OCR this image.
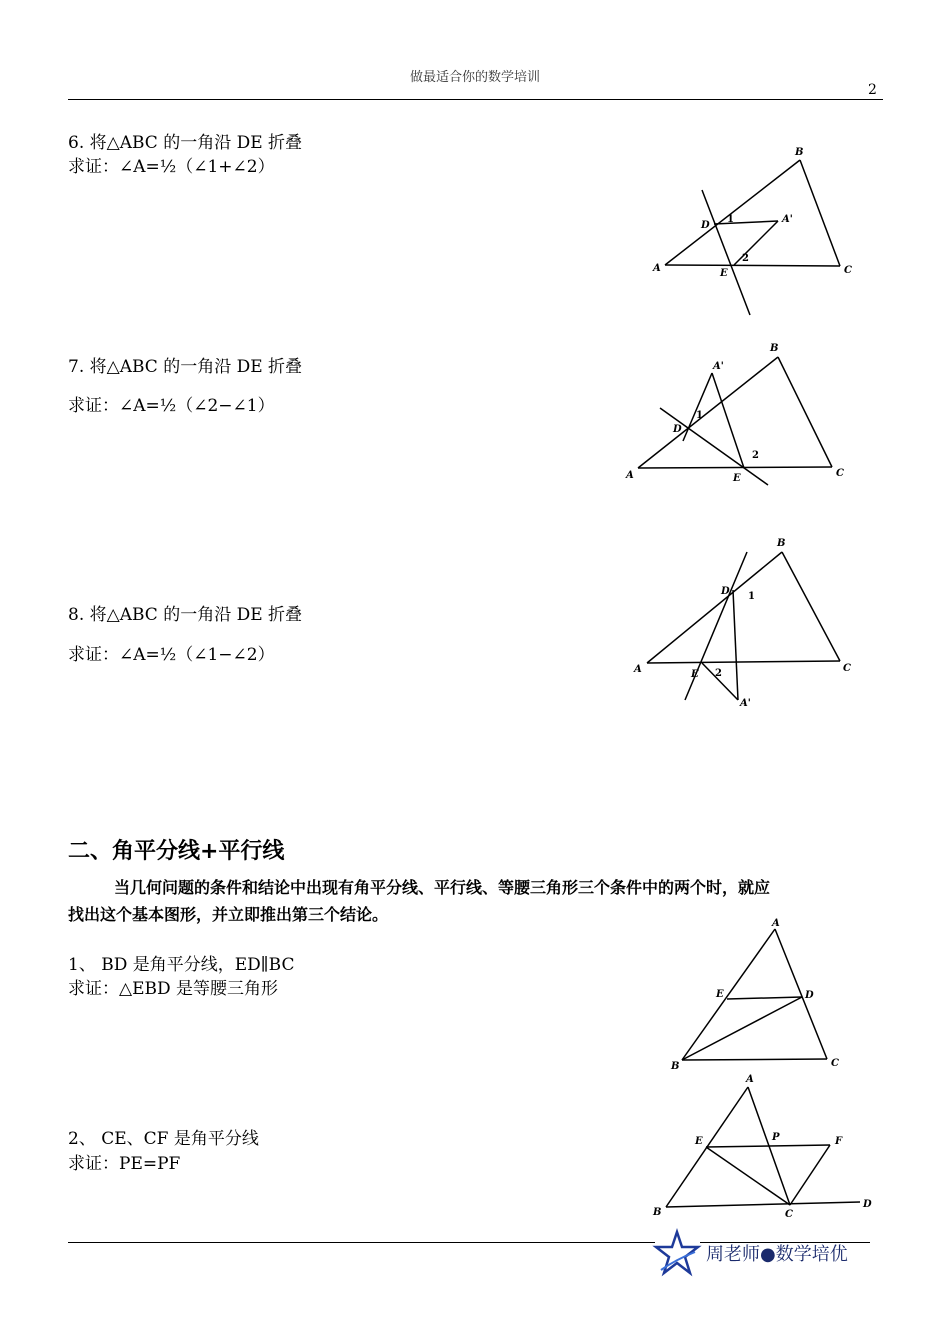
做最适合你的数学培训
2
6. 将△ABC 的一角沿 DE 折叠
求证：∠A=½（∠1+∠2）
B
A	C
D
E
A'
1
2
7. 将△ABC 的一角沿 DE 折叠
求证：∠A=½（∠2−∠1）
B
A	C
D
E
A'
1
2
8. 将△ABC 的一角沿 DE 折叠
求证：∠A=½（∠1−∠2）
B
A	C
D
E
A'
1
2
二、角平分线+平行线
当几何问题的条件和结论中出现有角平分线、平行线、等腰三角形三个条件中的两个时，就应
找出这个基本图形，并立即推出第三个结论。
1、 BD 是角平分线，ED∥BC
求证：△EBD 是等腰三角形
A
B	C
E	D
2、 CE、CF 是角平分线
求证：PE=PF
A
B	C
D
E	F
P
周老师●数学培优
